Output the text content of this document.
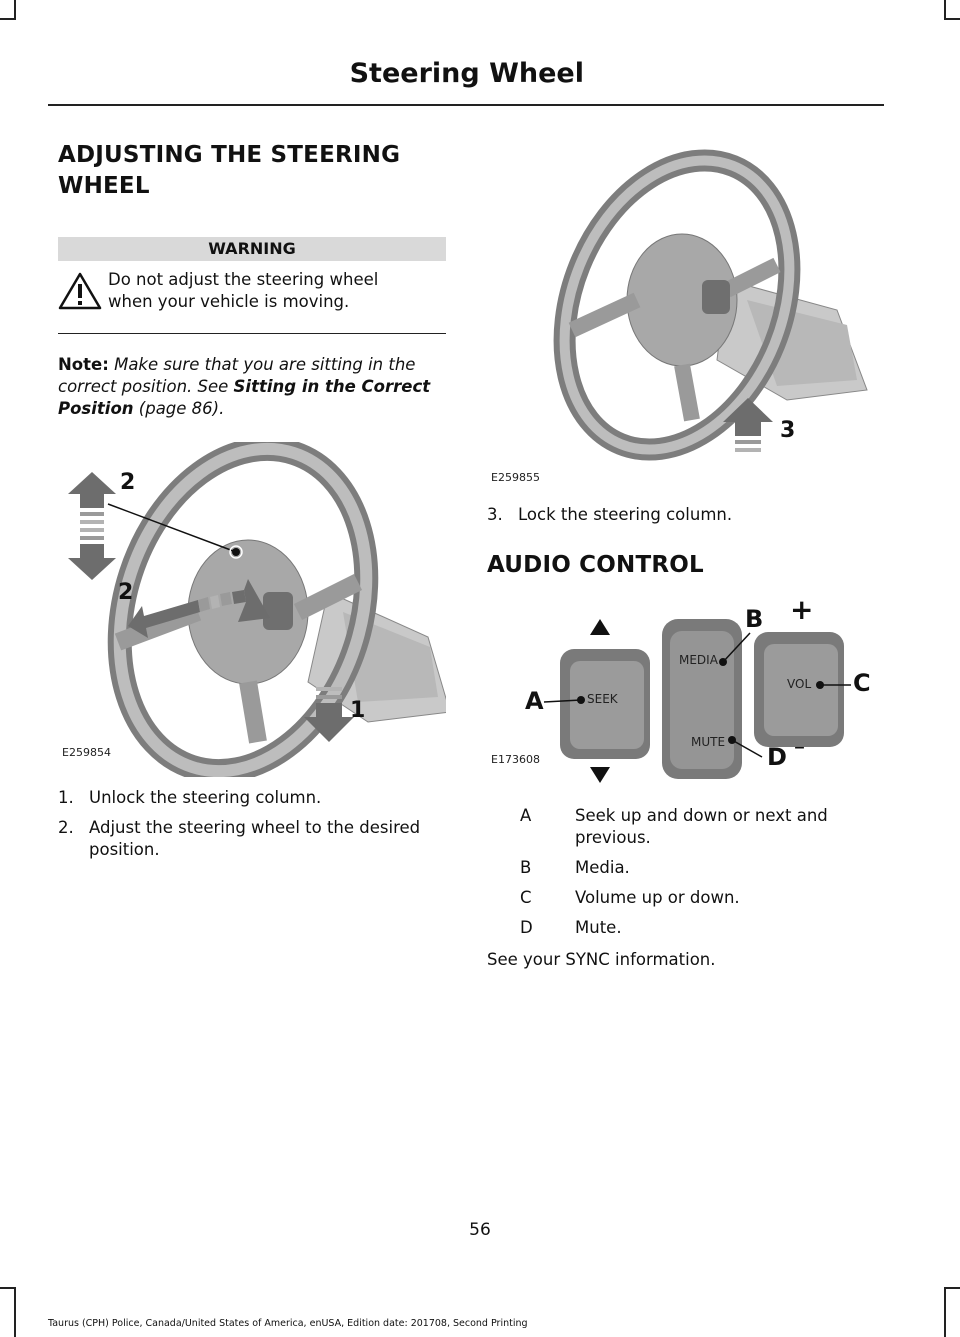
Steering Wheel
ADJUSTING THE STEERING
WHEEL
WARNING
Do not adjust the steering wheel
when your vehicle is moving.
Note: Make sure that you are sitting in the correct position. See Sitting in the Correct Position (page 86).
2
2
1
E259854
1. Unlock the steering column.
2. Adjust the steering wheel to the desired position.
3
E259855
3. Lock the steering column.
AUDIO CONTROL
SEEK
MEDIA
MUTE
VOL
A
B
C
D
+
–
E173608
A	Seek up and down or next and previous.
B	Media.
C	Volume up or down.
D	Mute.
See your SYNC information.
56
Taurus (CPH) Police, Canada/United States of America, enUSA, Edition date: 201708, Second Printing
